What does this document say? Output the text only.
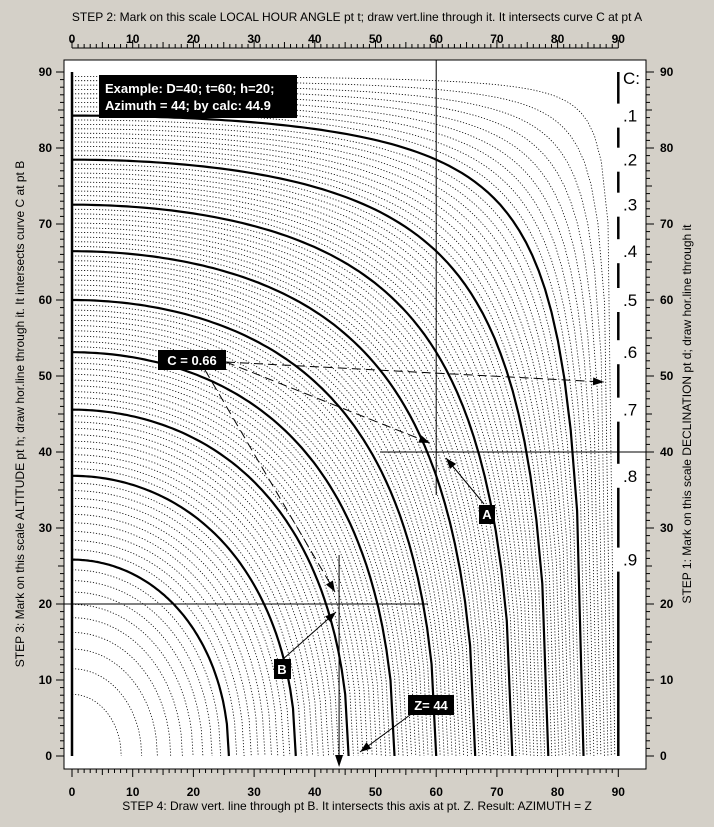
STEP 2: Mark on this scale LOCAL HOUR ANGLE pt t; draw vert.line through it. It intersects curve C at pt A
STEP 4: Draw vert. line through pt B. It intersects this axis at pt. Z. Result: AZIMUTH = Z
STEP 3: Mark on this scale ALTITUDE pt h; draw hor.line through it. It intersects curve C at pt B	STEP 1: Mark on this scale DECLINATION pt d; draw hor.line through it
0
0
0	0
10
10
10	10
20
20
20	20
30
30
30	30
40
40
40	40
50
50
50	50
60
60
60	60
70
70
70	70
80
80
80	80
90
90
90	90
C:
.1
.2
.3
.4
.5
.6
.7
.8
.9
Example: D=40; t=60; h=20;
Azimuth = 44; by calc: 44.9
C = 0.66
A
B
Z= 44
